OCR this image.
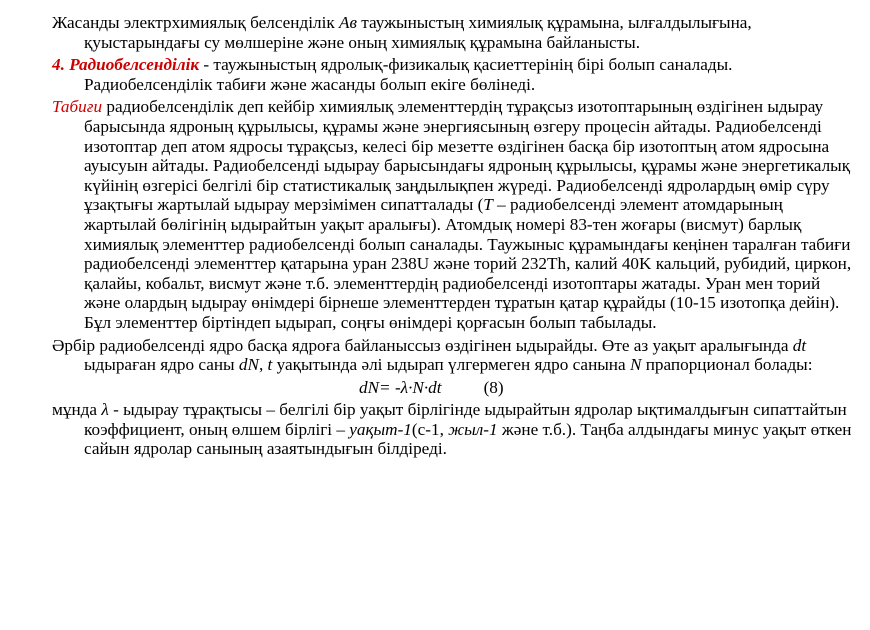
Жасанды электрхимиялық белсенділік Ав таужыныстың химиялық құрамына, ылғалдылығына, қуыстарындағы су мөлшеріне және оның химиялық құрамына байланысты.

4. Радиобелсенділік - таужыныстың ядролық-физикалық қасиеттерінің бірі болып саналады. Радиобелсенділік табиғи және жасанды болып екіге бөлінеді.

Табиғи радиобелсенділік деп кейбір химиялық элементтердің тұрақсыз изотоптарының өздігінен ыдырау барысында ядроның құрылысы, құрамы және энергиясының өзгеру процесін айтады. Радиобелсенді изотоптар деп атом ядросы тұрақсыз, келесі бір мезетте өздігінен басқа бір изотоптың атом ядросына ауысуын айтады. Радиобелсенді ыдырау барысындағы ядроның құрылысы, құрамы және энергетикалық күйінің өзгерісі белгілі бір статистикалық заңдылықпен жүреді. Радиобелсенді ядролардың өмір сүру ұзақтығы жартылай ыдырау мерзімімен сипатталады (Т – радиобелсенді элемент атомдарының жартылай бөлігінің ыдырайтын уақыт аралығы). Атомдық номері 83-тен жоғары (висмут) барлық химиялық элементтер радиобелсенді болып саналады. Таужыныс құрамындағы кеңінен таралған табиғи радиобелсенді элементтер қатарына уран 238U және торий 232Th, калий 40K кальций, рубидий, циркон, қалайы, кобальт, висмут және т.б. элементтердің радиобелсенді изотоптары жатады. Уран мен торий және олардың ыдырау өнімдері бірнеше элементтерден тұратын қатар құрайды (10-15 изотопқа дейін). Бұл элементтер біртіндеп ыдырап, соңғы өнімдері қорғасын болып табылады.

Әрбір радиобелсенді ядро басқа ядроға байланыссыз өздігінен ыдырайды. Өте аз уақыт аралығында dt ыдыраған ядро саны dN, t уақытында әлі ыдырап үлгермеген ядро санына N прапорционал болады:

dN= -λ·N·dt (8)

мұнда λ - ыдырау тұрақтысы – белгілі бір уақыт бірлігінде ыдырайтын ядролар ықтималдығын сипаттайтын коэффициент, оның өлшем бірлігі – уақыт-1(с-1, жыл-1 және т.б.). Таңба алдындағы минус уақыт өткен сайын ядролар санының азаятындығын білдіреді.
